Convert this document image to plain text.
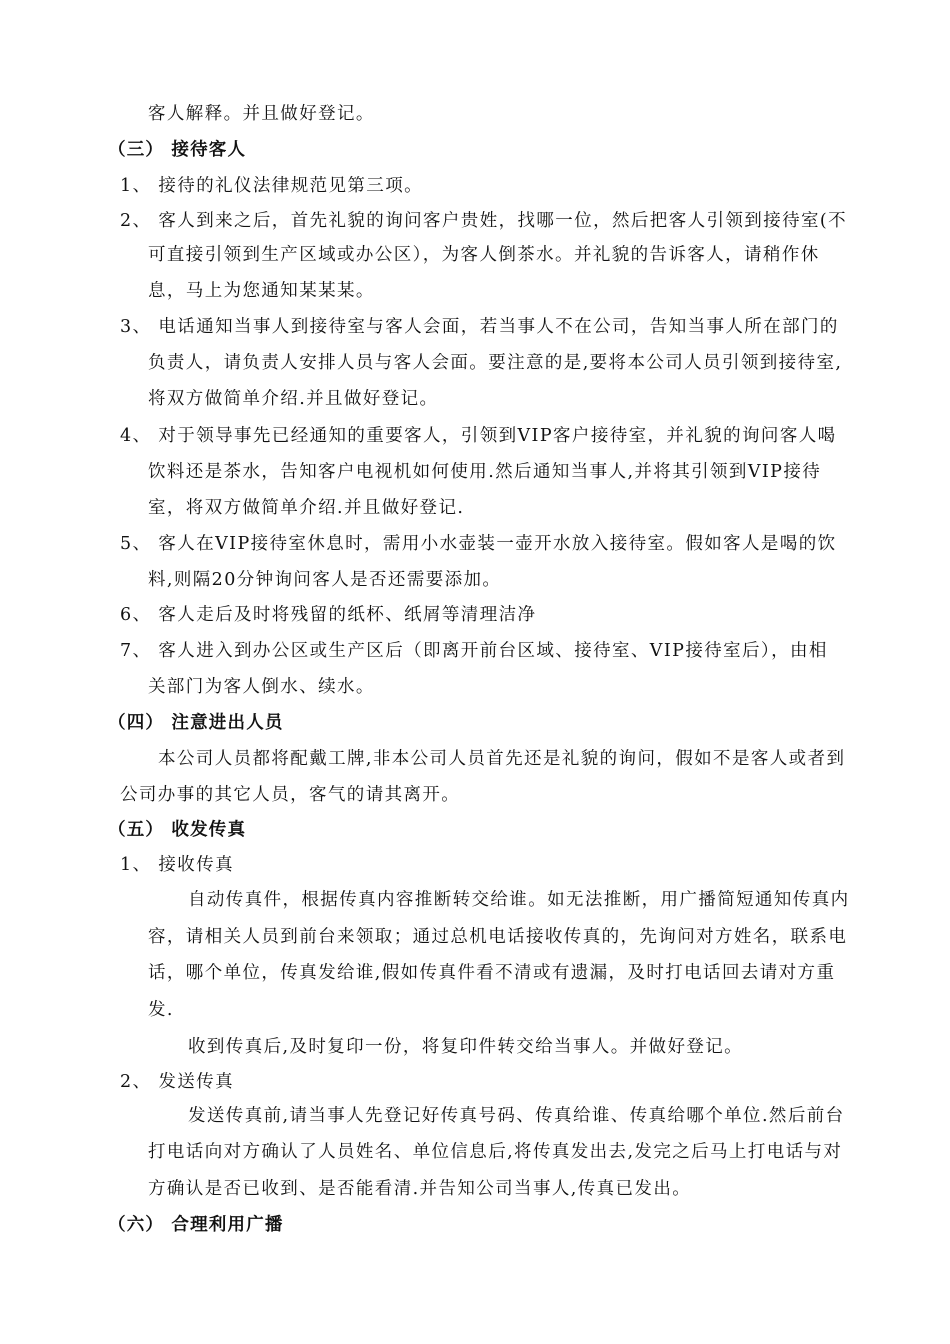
客人解释。并且做好登记。
（三） 接待客人
1、 接待的礼仪法律规范见第三项。
2、 客人到来之后，首先礼貌的询问客户贵姓，找哪一位，然后把客人引领到接待室(不
可直接引领到生产区域或办公区），为客人倒茶水。并礼貌的告诉客人，请稍作休
息，马上为您通知某某某。
3、 电话通知当事人到接待室与客人会面，若当事人不在公司，告知当事人所在部门的
负责人，请负责人安排人员与客人会面。要注意的是,要将本公司人员引领到接待室,
将双方做简单介绍.并且做好登记。
4、 对于领导事先已经通知的重要客人，引领到VIP客户接待室，并礼貌的询问客人喝
饮料还是茶水，告知客户电视机如何使用.然后通知当事人,并将其引领到VIP接待
室，将双方做简单介绍.并且做好登记.
5、 客人在VIP接待室休息时，需用小水壶装一壶开水放入接待室。假如客人是喝的饮
料,则隔20分钟询问客人是否还需要添加。
6、 客人走后及时将残留的纸杯、纸屑等清理洁净
7、 客人进入到办公区或生产区后（即离开前台区域、接待室、VIP接待室后），由相
关部门为客人倒水、续水。
（四） 注意进出人员
本公司人员都将配戴工牌,非本公司人员首先还是礼貌的询问，假如不是客人或者到
公司办事的其它人员，客气的请其离开。
（五） 收发传真
1、 接收传真
自动传真件，根据传真内容推断转交给谁。如无法推断，用广播简短通知传真内
容，请相关人员到前台来领取；通过总机电话接收传真的，先询问对方姓名，联系电
话，哪个单位，传真发给谁,假如传真件看不清或有遗漏，及时打电话回去请对方重
发.
收到传真后,及时复印一份，将复印件转交给当事人。并做好登记。
2、 发送传真
发送传真前,请当事人先登记好传真号码、传真给谁、传真给哪个单位.然后前台
打电话向对方确认了人员姓名、单位信息后,将传真发出去,发完之后马上打电话与对
方确认是否已收到、是否能看清.并告知公司当事人,传真已发出。
（六） 合理利用广播
